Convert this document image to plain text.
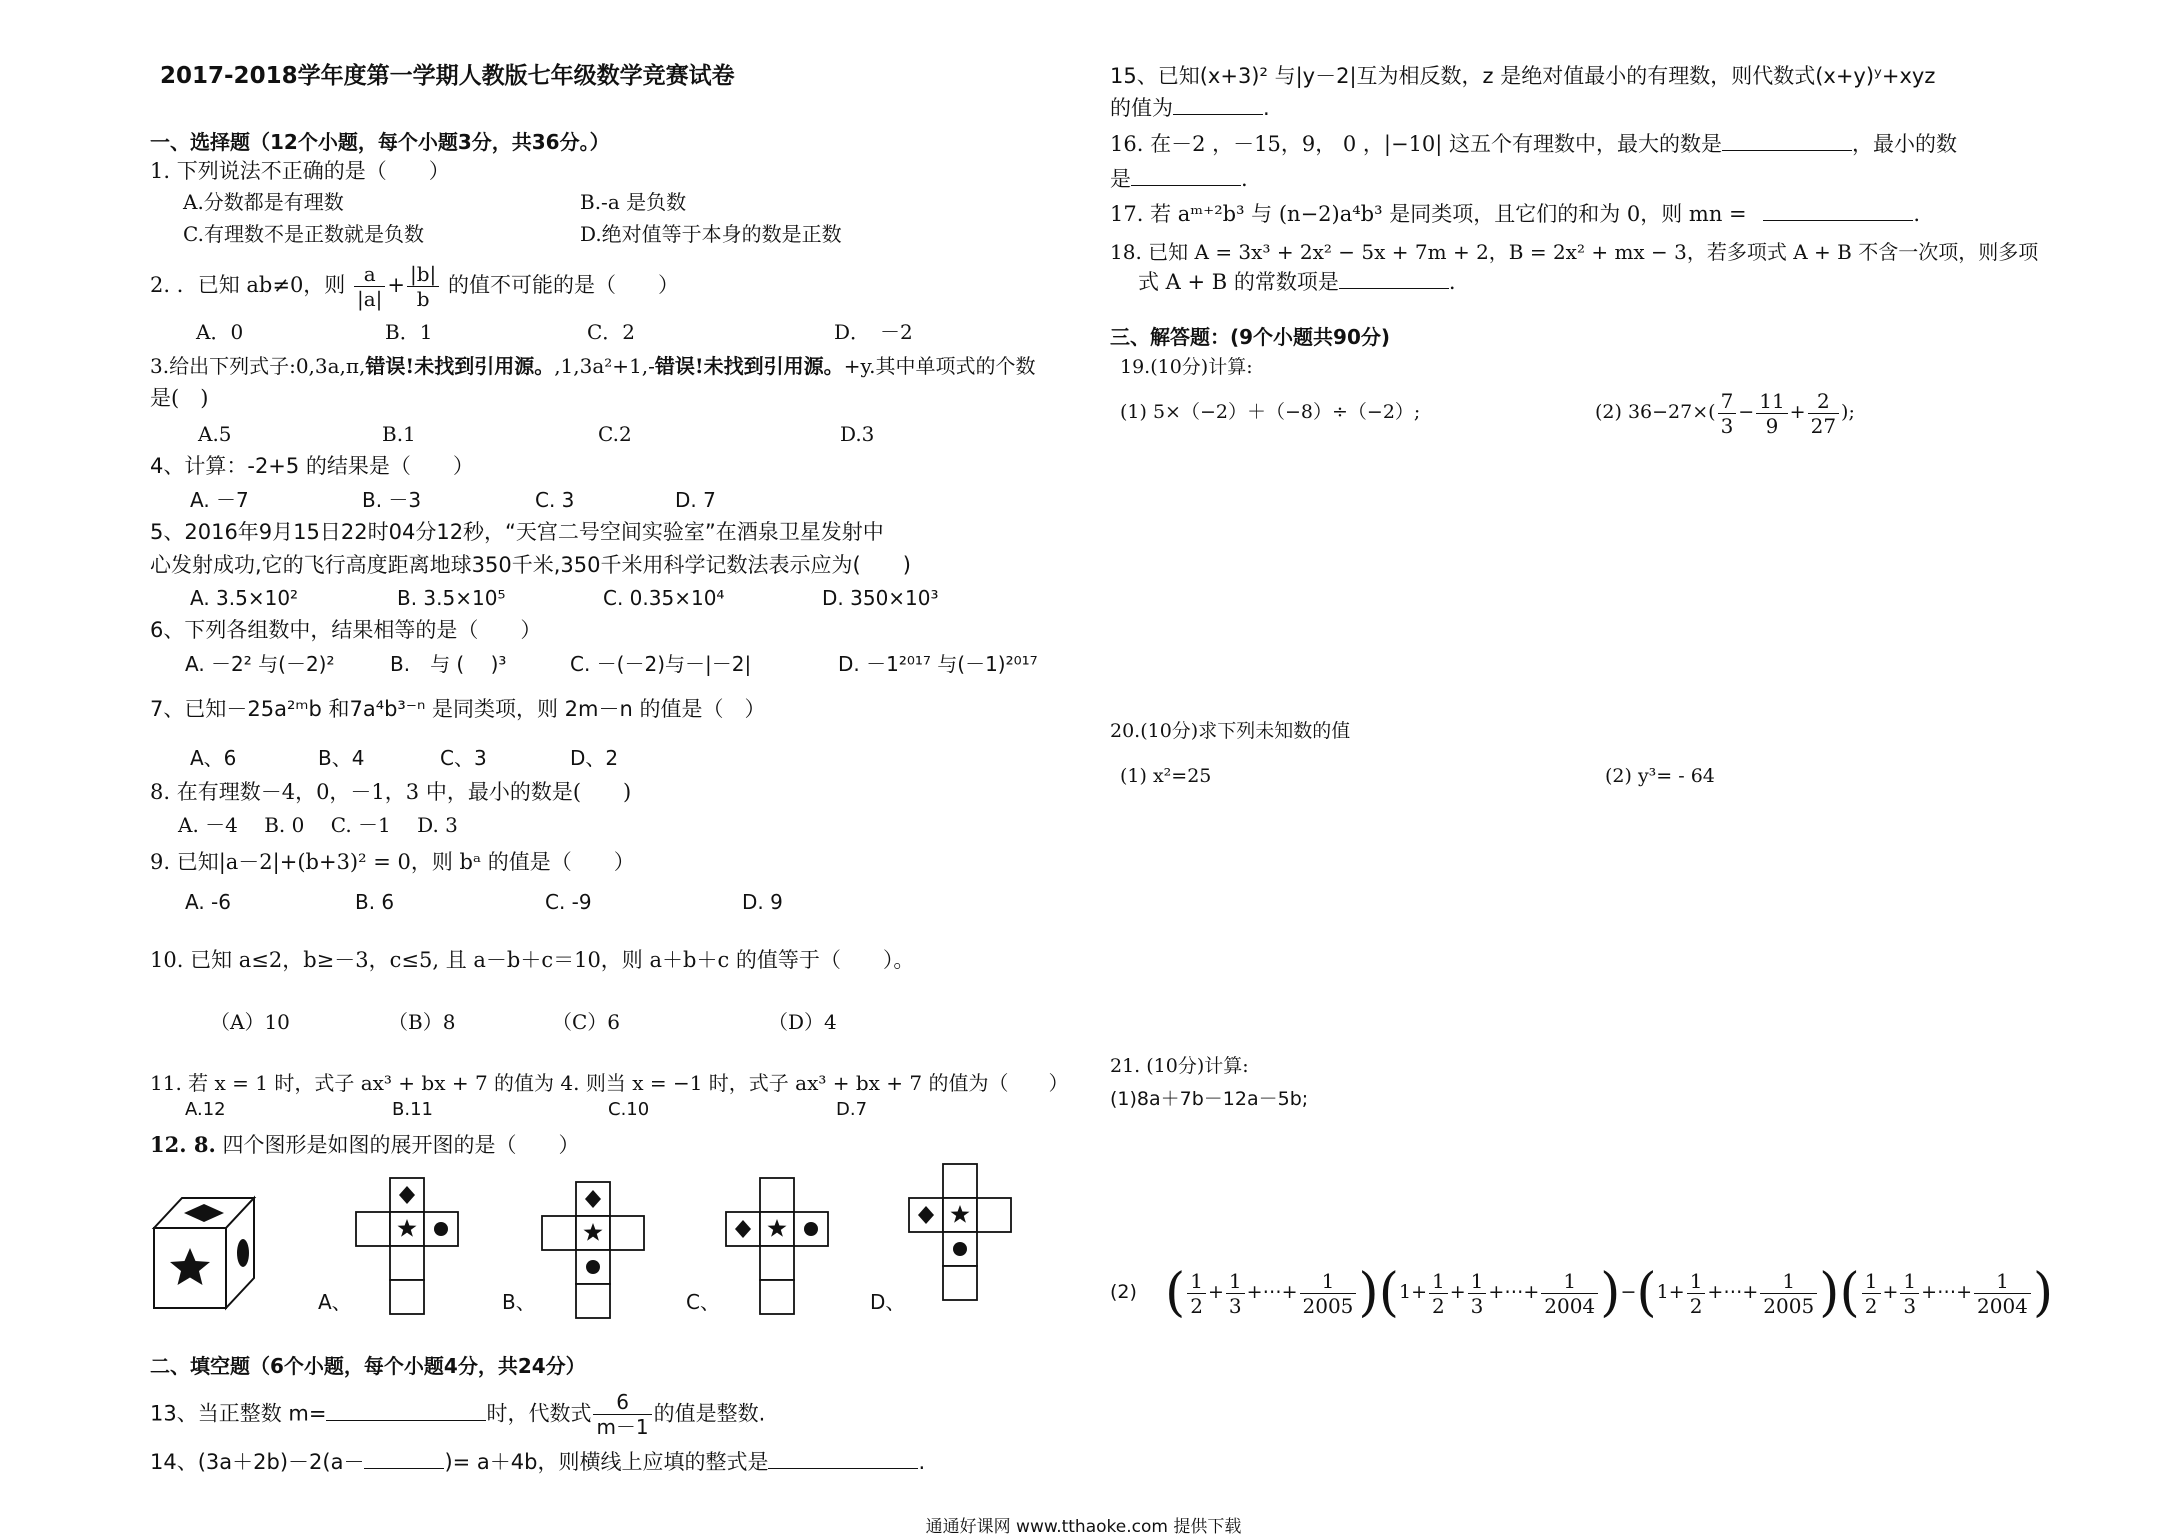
2017-2018学年度第一学期人教版七年级数学竞赛试卷
一、选择题（12个小题，每个小题3分，共36分。）
1. 下列说法不正确的是（　　）
A.分数都是有理数	B.-a 是负数
C.有理数不是正数就是负数	D.绝对值等于本身的数是正数
2. ．已知 ab≠0，则 $\frac{a}{|a|} + \frac{|b|}{b}$ 的值不可能的是（　　）
A．0	B．1	C．2	D．　－2
3.给出下列式子:0,3a,π,错误!未找到引用源。,1,3a²+1,-错误!未找到引用源。+y.其中单项式的个数
是(　)
A.5	B.1	C.2	D.3
4、计算：-2+5 的结果是（　　）
A. －7	B. －3	C. 3	D. 7
5、2016年9月15日22时04分12秒，“天宫二号空间实验室”在酒泉卫星发射中
心发射成功,它的飞行高度距离地球350千米,350千米用科学记数法表示应为(　　)
A. 3.5×10²	B. 3.5×10⁵	C. 0.35×10⁴	D. 350×10³
6、下列各组数中，结果相等的是（　　）
A. －2² 与(－2)²	B.　与 (　 )³	C. －(－2)与－|－2|	D. －1²⁰¹⁷ 与(－1)²⁰¹⁷
7、已知－25a²ᵐb 和7a⁴b³⁻ⁿ 是同类项，则 2m－n 的值是（　）
A、6	B、4	C、3	D、2
8. 在有理数－4，0，－1，3 中，最小的数是(　　)
A. －4　 B. 0　 C. －1　 D. 3
9. 已知|a－2|+(b+3)² = 0，则 bᵃ 的值是（　　）
A. -6	B. 6	C. -9	D. 9
10. 已知 a≤2，b≥－3，c≤5, 且 a－b＋c＝10，则 a＋b＋c 的值等于（　　）。
（A）10	（B）8	（C）6	（D）4
11. 若 x = 1 时，式子 ax³ + bx + 7 的值为 4. 则当 x = −1 时，式子 ax³ + bx + 7 的值为（　　）
A.12	B.11	C.10	D.7
12. 8. 四个图形是如图的展开图的是（　　）
A、	B、	C、	D、
二、填空题（6个小题，每个小题4分，共24分）
13、当正整数 m=	时，代数式 $\frac{6}{m-1}$ 的值是整数.
14、(3a＋2b)－2(a－	)= a＋4b，则横线上应填的整式是	.
15、已知(x+3)² 与|y－2|互为相反数，z 是绝对值最小的有理数，则代数式(x+y)ʸ+xyz
的值为	.
16. 在－2 ，－15，9， 0 ，|−10| 这五个有理数中，最大的数是	，最小的数
是	.
17. 若 aᵐ⁺²b³ 与 (n−2)a⁴b³ 是同类项，且它们的和为 0，则 mn =	.
18. 已知 A = 3x³ + 2x² − 5x + 7m + 2，B = 2x² + mx − 3，若多项式 A + B 不含一次项，则多项
式 A + B 的常数项是	.
三、解答题：(9个小题共90分)
19.(10分)计算:
(1) 5×（−2）＋（−8）÷（−2）;	(2) $36-27\times( \frac{7}{3} - \frac{11}{9} + \frac{2}{27}$ );
20.(10分)求下列未知数的值
(1) x²=25	(2) y³= - 64
21. (10分)计算:
(1)8a＋7b－12a－5b;
(2) ( $\frac{1}{2} + \frac{1}{3}$ +⋯+ $\frac{1}{2005} )(1+ \frac{1}{2} + \frac{1}{3}$ +⋯+ $\frac{1}{2004} )-(1+ \frac{1}{2}$ +⋯+ $\frac{1}{2005}$ )( $\frac{1}{2} + \frac{1}{3}$ +⋯+ $\frac{1}{2004}$ )
通通好课网 www.tthaoke.com 提供下载
